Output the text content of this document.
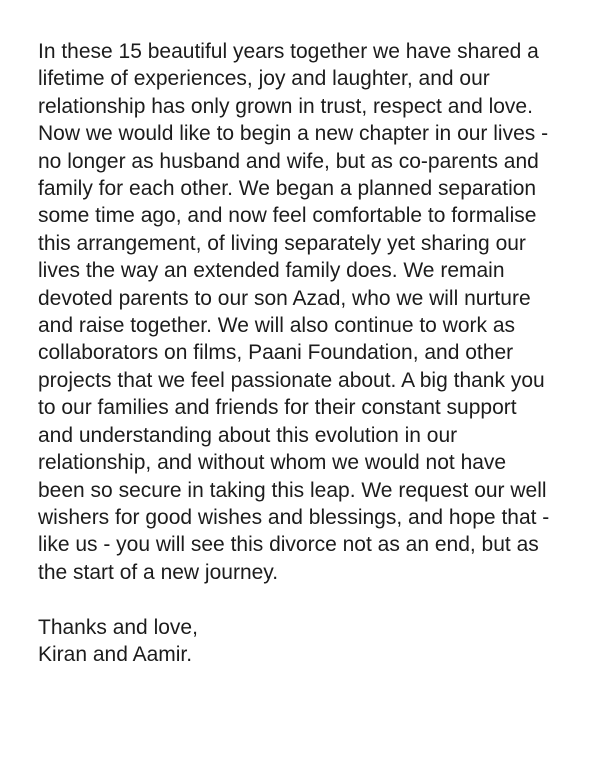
In these 15 beautiful years together we have shared a
lifetime of experiences, joy and laughter, and our
relationship has only grown in trust, respect and love.
Now we would like to begin a new chapter in our lives -
no longer as husband and wife, but as co-parents and
family for each other. We began a planned separation
some time ago, and now feel comfortable to formalise
this arrangement, of living separately yet sharing our
lives the way an extended family does. We remain
devoted parents to our son Azad, who we will nurture
and raise together. We will also continue to work as
collaborators on films, Paani Foundation, and other
projects that we feel passionate about. A big thank you
to our families and friends for their constant support
and understanding about this evolution in our
relationship, and without whom we would not have
been so secure in taking this leap. We request our well
wishers for good wishes and blessings, and hope that -
like us - you will see this divorce not as an end, but as
the start of a new journey.
Thanks and love,
Kiran and Aamir.
